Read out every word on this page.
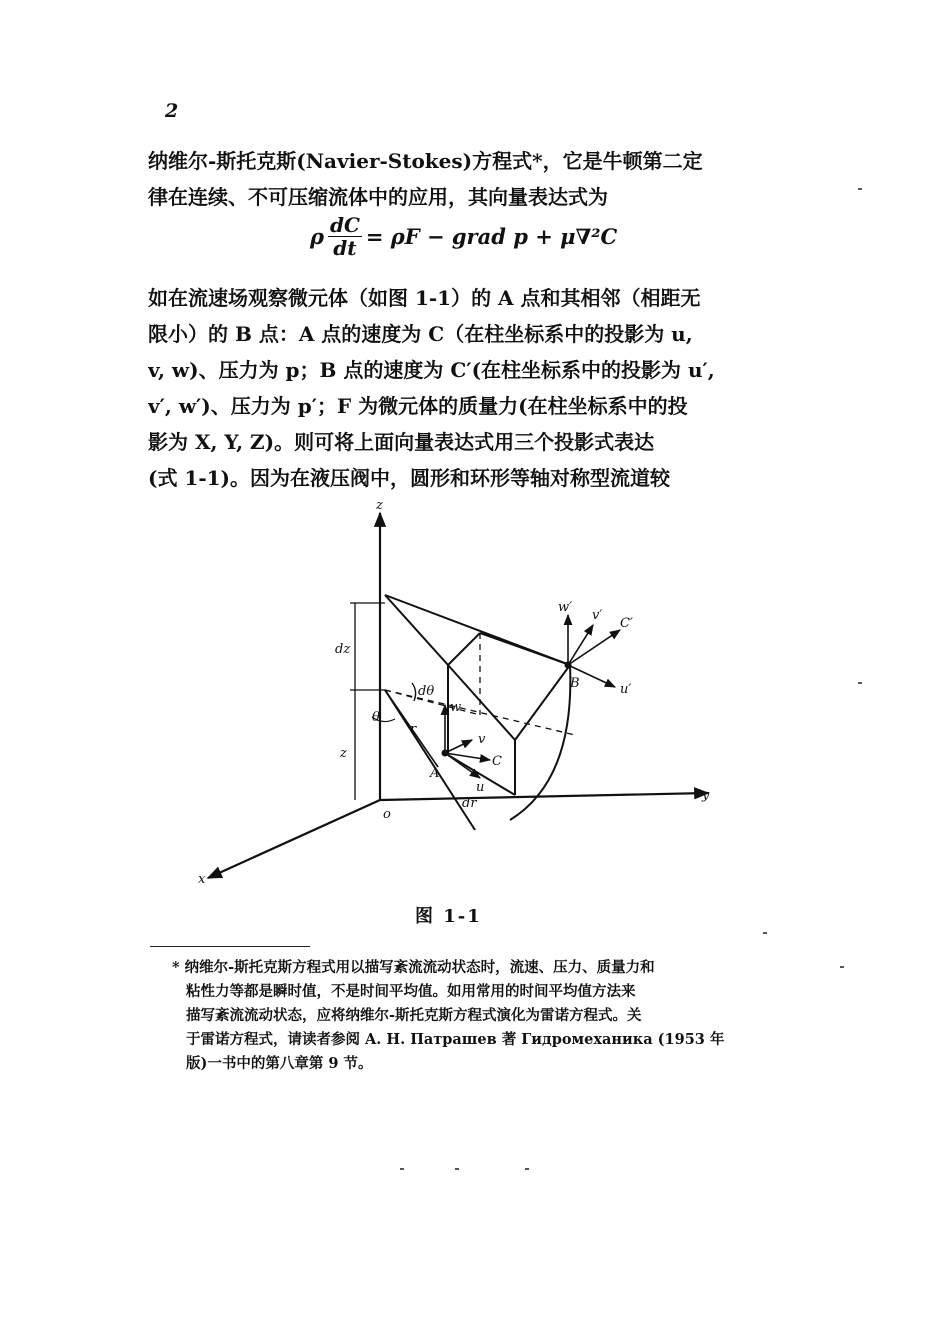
2

纳维尔-斯托克斯(Navier-Stokes)方程式*，它是牛顿第二定
律在连续、不可压缩流体中的应用，其向量表达式为

ρ $\frac{dC}{dt} = \rho F$ − grad p + μ∇²C

如在流速场观察微元体（如图 1-1）的 A 点和其相邻（相距无
限小）的 B 点：A 点的速度为 C（在柱坐标系中的投影为 u,
v, w)、压力为 p；B 点的速度为 C′(在柱坐标系中的投影为 u′,
v′, w′)、压力为 p′；F 为微元体的质量力(在柱坐标系中的投
影为 X, Y, Z)。则可将上面向量表达式用三个投影式表达
(式 1-1)。因为在液压阀中，圆形和环形等轴对称型流道较

z
y
x
o
dz
z
θ
dθ
r
dr
A
B
w
v
C
u
w′
v′
C′
u′
图 1-1

* 纳维尔-斯托克斯方程式用以描写紊流流动状态时，流速、压力、质量力和
粘性力等都是瞬时值，不是时间平均值。如用常用的时间平均值方法来
描写紊流流动状态，应将纳维尔-斯托克斯方程式演化为雷诺方程式。关
于雷诺方程式，请读者参阅 A. H. Патрашев 著 Гидромеханика (1953 年
版)一书中的第八章第 9 节。
